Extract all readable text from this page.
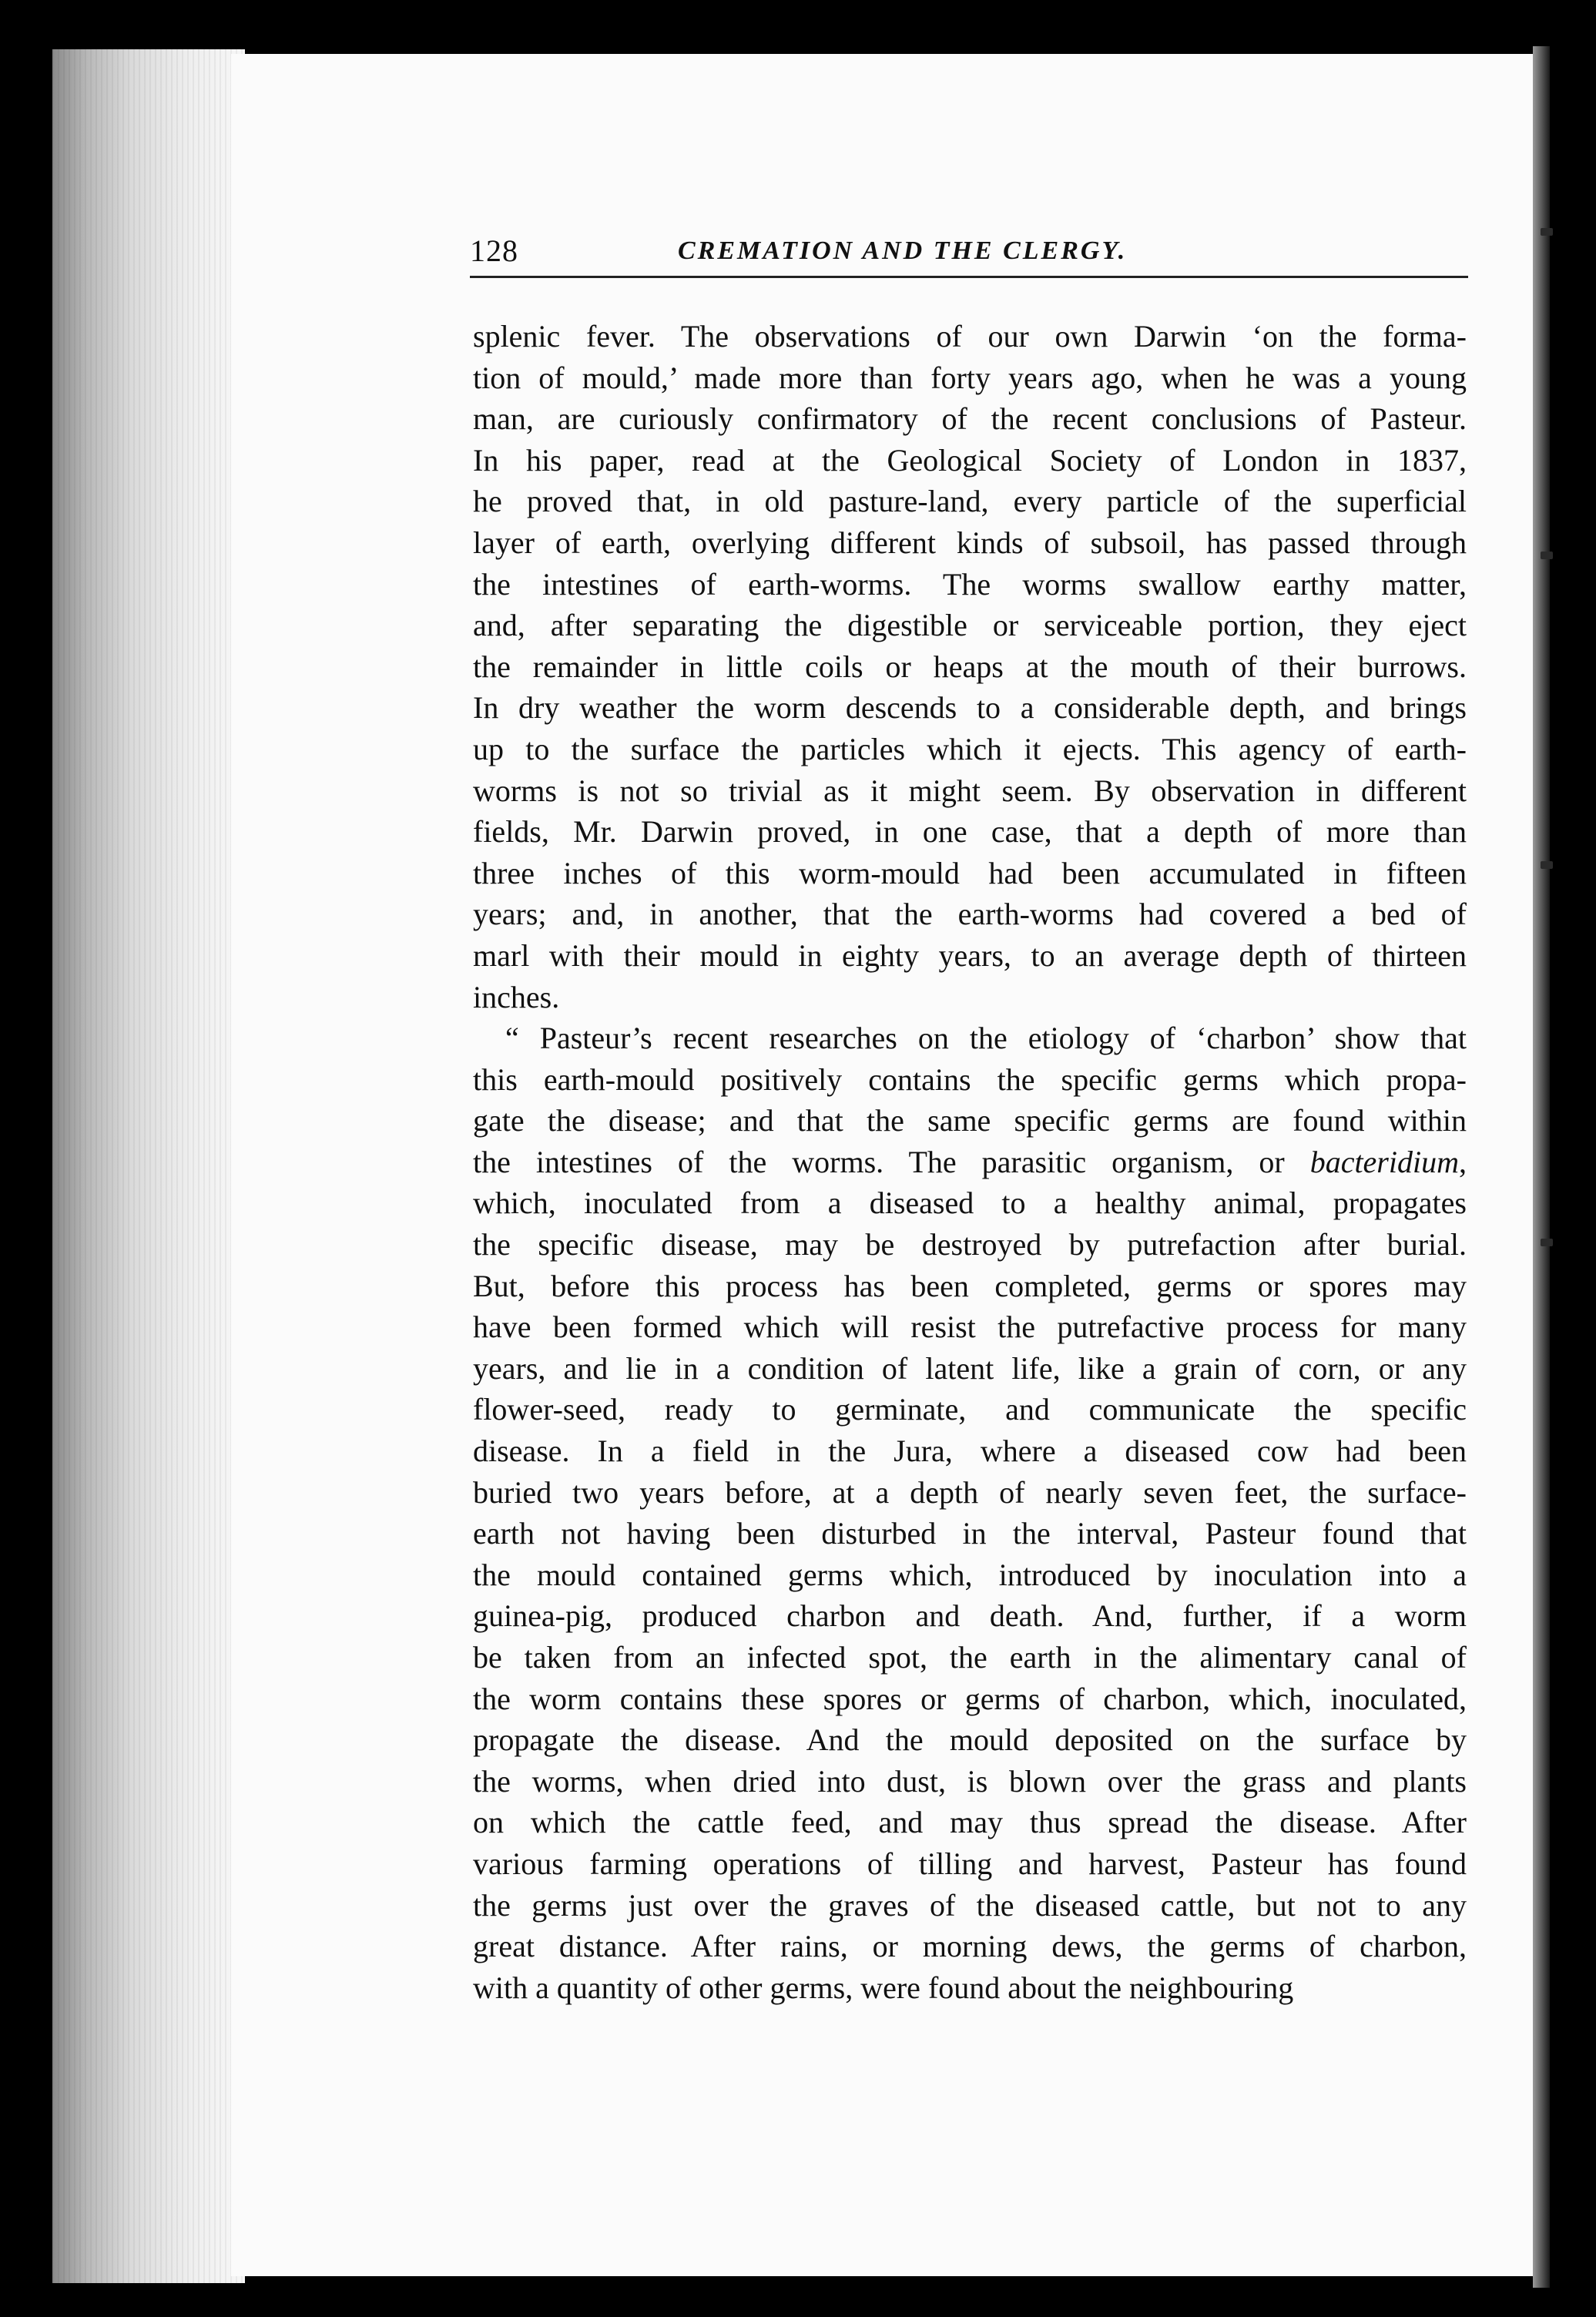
128	CREMATION AND THE CLERGY.
splenic fever. The observations of our own Darwin ‘on the forma-
tion of mould,’ made more than forty years ago, when he was a young
man, are curiously confirmatory of the recent conclusions of Pasteur.
In his paper, read at the Geological Society of London in 1837,
he proved that, in old pasture-land, every particle of the superficial
layer of earth, overlying different kinds of subsoil, has passed through
the intestines of earth-worms. The worms swallow earthy matter,
and, after separating the digestible or serviceable portion, they eject
the remainder in little coils or heaps at the mouth of their burrows.
In dry weather the worm descends to a considerable depth, and brings
up to the surface the particles which it ejects. This agency of earth-
worms is not so trivial as it might seem. By observation in different
fields, Mr. Darwin proved, in one case, that a depth of more than
three inches of this worm-mould had been accumulated in fifteen
years; and, in another, that the earth-worms had covered a bed of
marl with their mould in eighty years, to an average depth of thirteen
inches.
“ Pasteur’s recent researches on the etiology of ‘charbon’ show that
this earth-mould positively contains the specific germs which propa-
gate the disease; and that the same specific germs are found within
the intestines of the worms. The parasitic organism, or bacteridium,
which, inoculated from a diseased to a healthy animal, propagates
the specific disease, may be destroyed by putrefaction after burial.
But, before this process has been completed, germs or spores may
have been formed which will resist the putrefactive process for many
years, and lie in a condition of latent life, like a grain of corn, or any
flower-seed, ready to germinate, and communicate the specific
disease. In a field in the Jura, where a diseased cow had been
buried two years before, at a depth of nearly seven feet, the surface-
earth not having been disturbed in the interval, Pasteur found that
the mould contained germs which, introduced by inoculation into a
guinea-pig, produced charbon and death. And, further, if a worm
be taken from an infected spot, the earth in the alimentary canal of
the worm contains these spores or germs of charbon, which, inoculated,
propagate the disease. And the mould deposited on the surface by
the worms, when dried into dust, is blown over the grass and plants
on which the cattle feed, and may thus spread the disease. After
various farming operations of tilling and harvest, Pasteur has found
the germs just over the graves of the diseased cattle, but not to any
great distance. After rains, or morning dews, the germs of charbon,
with a quantity of other germs, were found about the neighbouring
